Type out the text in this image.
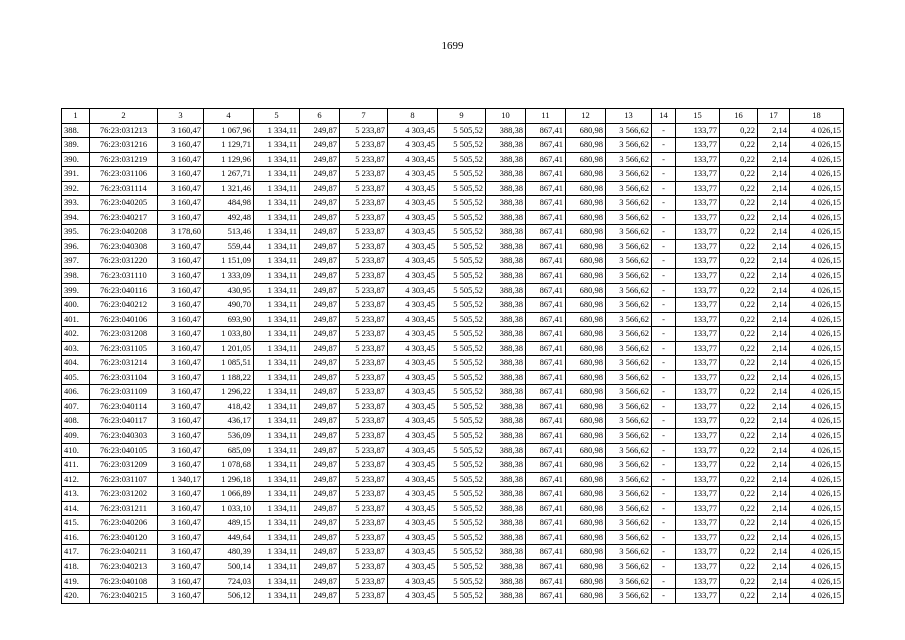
1699
1	2	3	4	5	6	7	8	9	10	11	12	13	14	15	16	17	18
388.	76:23:031213	3 160,47	1 067,96	1 334,11	249,87	5 233,87	4 303,45	5 505,52	388,38	867,41	680,98	3 566,62	-	133,77	0,22	2,14	4 026,15
389.	76:23:031216	3 160,47	1 129,71	1 334,11	249,87	5 233,87	4 303,45	5 505,52	388,38	867,41	680,98	3 566,62	-	133,77	0,22	2,14	4 026,15
390.	76:23:031219	3 160,47	1 129,96	1 334,11	249,87	5 233,87	4 303,45	5 505,52	388,38	867,41	680,98	3 566,62	-	133,77	0,22	2,14	4 026,15
391.	76:23:031106	3 160,47	1 267,71	1 334,11	249,87	5 233,87	4 303,45	5 505,52	388,38	867,41	680,98	3 566,62	-	133,77	0,22	2,14	4 026,15
392.	76:23:031114	3 160,47	1 321,46	1 334,11	249,87	5 233,87	4 303,45	5 505,52	388,38	867,41	680,98	3 566,62	-	133,77	0,22	2,14	4 026,15
393.	76:23:040205	3 160,47	484,98	1 334,11	249,87	5 233,87	4 303,45	5 505,52	388,38	867,41	680,98	3 566,62	-	133,77	0,22	2,14	4 026,15
394.	76:23:040217	3 160,47	492,48	1 334,11	249,87	5 233,87	4 303,45	5 505,52	388,38	867,41	680,98	3 566,62	-	133,77	0,22	2,14	4 026,15
395.	76:23:040208	3 178,60	513,46	1 334,11	249,87	5 233,87	4 303,45	5 505,52	388,38	867,41	680,98	3 566,62	-	133,77	0,22	2,14	4 026,15
396.	76:23:040308	3 160,47	559,44	1 334,11	249,87	5 233,87	4 303,45	5 505,52	388,38	867,41	680,98	3 566,62	-	133,77	0,22	2,14	4 026,15
397.	76:23:031220	3 160,47	1 151,09	1 334,11	249,87	5 233,87	4 303,45	5 505,52	388,38	867,41	680,98	3 566,62	-	133,77	0,22	2,14	4 026,15
398.	76:23:031110	3 160,47	1 333,09	1 334,11	249,87	5 233,87	4 303,45	5 505,52	388,38	867,41	680,98	3 566,62	-	133,77	0,22	2,14	4 026,15
399.	76:23:040116	3 160,47	430,95	1 334,11	249,87	5 233,87	4 303,45	5 505,52	388,38	867,41	680,98	3 566,62	-	133,77	0,22	2,14	4 026,15
400.	76:23:040212	3 160,47	490,70	1 334,11	249,87	5 233,87	4 303,45	5 505,52	388,38	867,41	680,98	3 566,62	-	133,77	0,22	2,14	4 026,15
401.	76:23:040106	3 160,47	693,90	1 334,11	249,87	5 233,87	4 303,45	5 505,52	388,38	867,41	680,98	3 566,62	-	133,77	0,22	2,14	4 026,15
402.	76:23:031208	3 160,47	1 033,80	1 334,11	249,87	5 233,87	4 303,45	5 505,52	388,38	867,41	680,98	3 566,62	-	133,77	0,22	2,14	4 026,15
403.	76:23:031105	3 160,47	1 201,05	1 334,11	249,87	5 233,87	4 303,45	5 505,52	388,38	867,41	680,98	3 566,62	-	133,77	0,22	2,14	4 026,15
404.	76:23:031214	3 160,47	1 085,51	1 334,11	249,87	5 233,87	4 303,45	5 505,52	388,38	867,41	680,98	3 566,62	-	133,77	0,22	2,14	4 026,15
405.	76:23:031104	3 160,47	1 188,22	1 334,11	249,87	5 233,87	4 303,45	5 505,52	388,38	867,41	680,98	3 566,62	-	133,77	0,22	2,14	4 026,15
406.	76:23:031109	3 160,47	1 296,22	1 334,11	249,87	5 233,87	4 303,45	5 505,52	388,38	867,41	680,98	3 566,62	-	133,77	0,22	2,14	4 026,15
407.	76:23:040114	3 160,47	418,42	1 334,11	249,87	5 233,87	4 303,45	5 505,52	388,38	867,41	680,98	3 566,62	-	133,77	0,22	2,14	4 026,15
408.	76:23:040117	3 160,47	436,17	1 334,11	249,87	5 233,87	4 303,45	5 505,52	388,38	867,41	680,98	3 566,62	-	133,77	0,22	2,14	4 026,15
409.	76:23:040303	3 160,47	536,09	1 334,11	249,87	5 233,87	4 303,45	5 505,52	388,38	867,41	680,98	3 566,62	-	133,77	0,22	2,14	4 026,15
410.	76:23:040105	3 160,47	685,09	1 334,11	249,87	5 233,87	4 303,45	5 505,52	388,38	867,41	680,98	3 566,62	-	133,77	0,22	2,14	4 026,15
411.	76:23:031209	3 160,47	1 078,68	1 334,11	249,87	5 233,87	4 303,45	5 505,52	388,38	867,41	680,98	3 566,62	-	133,77	0,22	2,14	4 026,15
412.	76:23:031107	1 340,17	1 296,18	1 334,11	249,87	5 233,87	4 303,45	5 505,52	388,38	867,41	680,98	3 566,62	-	133,77	0,22	2,14	4 026,15
413.	76:23:031202	3 160,47	1 066,89	1 334,11	249,87	5 233,87	4 303,45	5 505,52	388,38	867,41	680,98	3 566,62	-	133,77	0,22	2,14	4 026,15
414.	76:23:031211	3 160,47	1 033,10	1 334,11	249,87	5 233,87	4 303,45	5 505,52	388,38	867,41	680,98	3 566,62	-	133,77	0,22	2,14	4 026,15
415.	76:23:040206	3 160,47	489,15	1 334,11	249,87	5 233,87	4 303,45	5 505,52	388,38	867,41	680,98	3 566,62	-	133,77	0,22	2,14	4 026,15
416.	76:23:040120	3 160,47	449,64	1 334,11	249,87	5 233,87	4 303,45	5 505,52	388,38	867,41	680,98	3 566,62	-	133,77	0,22	2,14	4 026,15
417.	76:23:040211	3 160,47	480,39	1 334,11	249,87	5 233,87	4 303,45	5 505,52	388,38	867,41	680,98	3 566,62	-	133,77	0,22	2,14	4 026,15
418.	76:23:040213	3 160,47	500,14	1 334,11	249,87	5 233,87	4 303,45	5 505,52	388,38	867,41	680,98	3 566,62	-	133,77	0,22	2,14	4 026,15
419.	76:23:040108	3 160,47	724,03	1 334,11	249,87	5 233,87	4 303,45	5 505,52	388,38	867,41	680,98	3 566,62	-	133,77	0,22	2,14	4 026,15
420.	76:23:040215	3 160,47	506,12	1 334,11	249,87	5 233,87	4 303,45	5 505,52	388,38	867,41	680,98	3 566,62	-	133,77	0,22	2,14	4 026,15
